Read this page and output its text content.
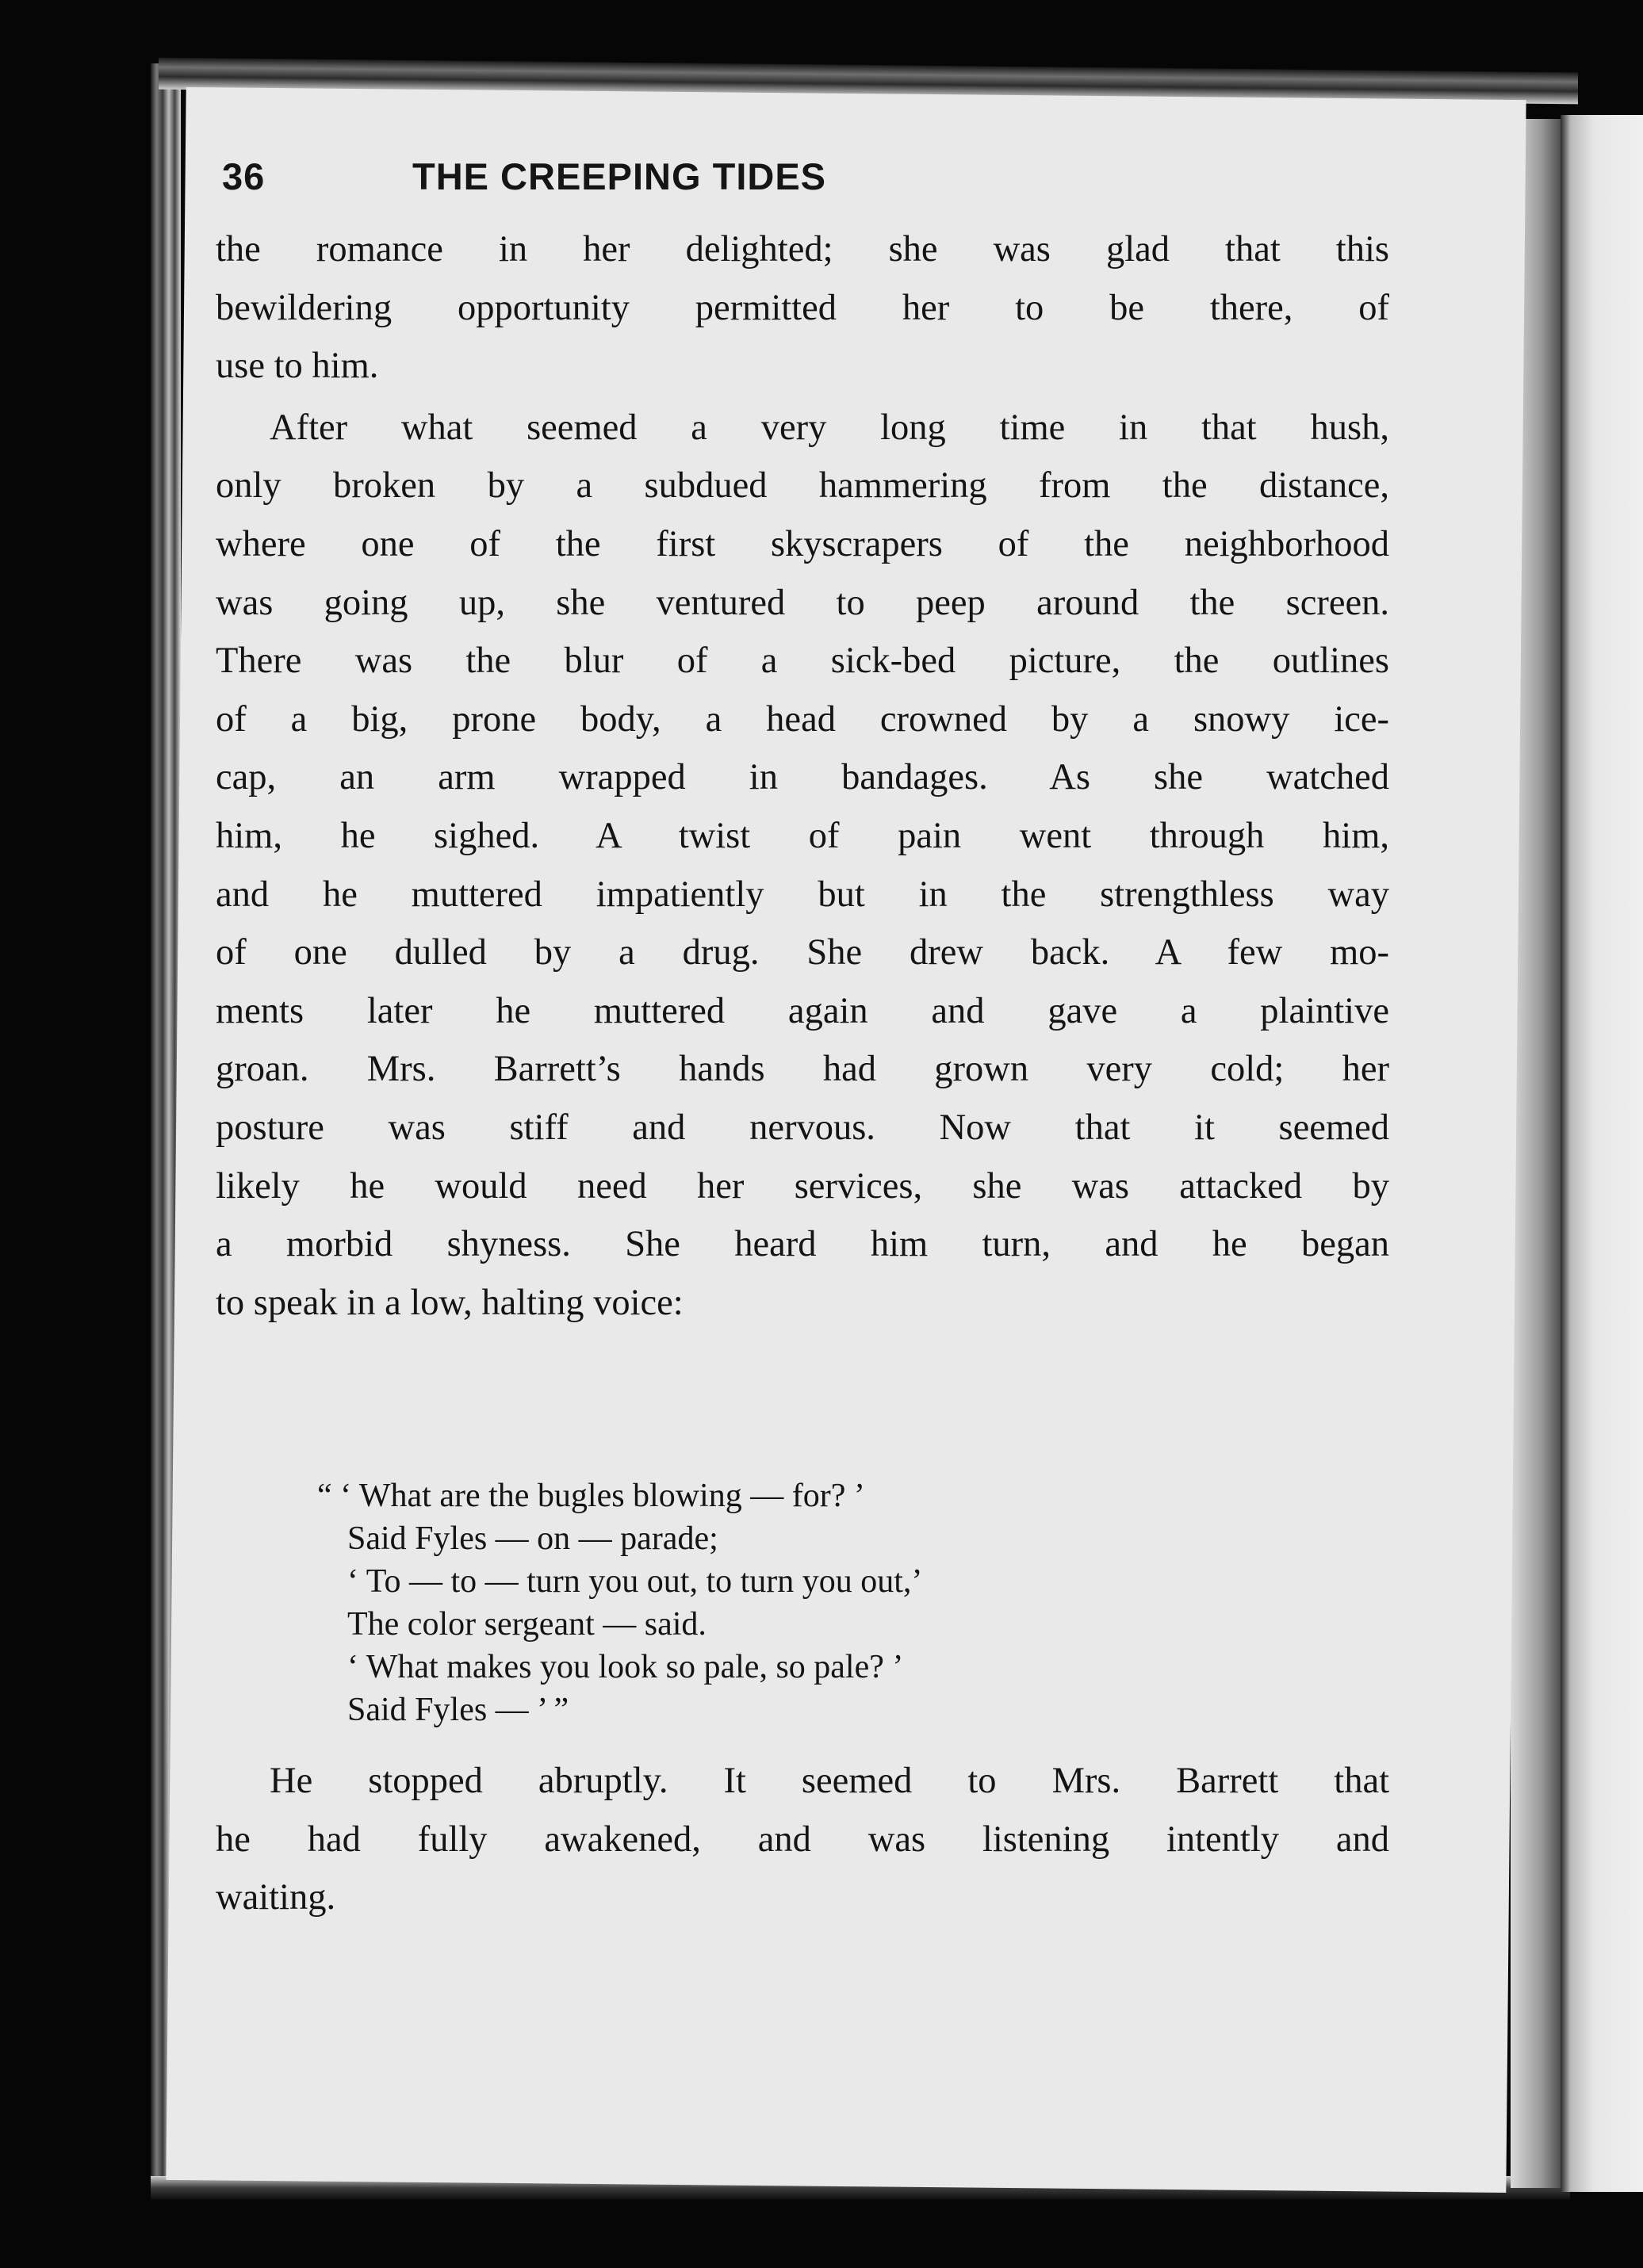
36	THE CREEPING TIDES
the romance in her delighted; she was glad that this
bewildering opportunity permitted her to be there, of
use to him.
After what seemed a very long time in that hush,
only broken by a subdued hammering from the distance,
where one of the first skyscrapers of the neighborhood
was going up, she ventured to peep around the screen.
There was the blur of a sick-bed picture, the outlines
of a big, prone body, a head crowned by a snowy ice-
cap, an arm wrapped in bandages. As she watched
him, he sighed. A twist of pain went through him,
and he muttered impatiently but in the strengthless way
of one dulled by a drug. She drew back. A few mo-
ments later he muttered again and gave a plaintive
groan. Mrs. Barrett’s hands had grown very cold; her
posture was stiff and nervous. Now that it seemed
likely he would need her services, she was attacked by
a morbid shyness. She heard him turn, and he began
to speak in a low, halting voice:
“ ‘ What are the bugles blowing — for? ’
Said Fyles — on — parade;
‘ To — to — turn you out, to turn you out,’
The color sergeant — said.
‘ What makes you look so pale, so pale? ’
Said Fyles — ’ ”
He stopped abruptly. It seemed to Mrs. Barrett that
he had fully awakened, and was listening intently and
waiting.
